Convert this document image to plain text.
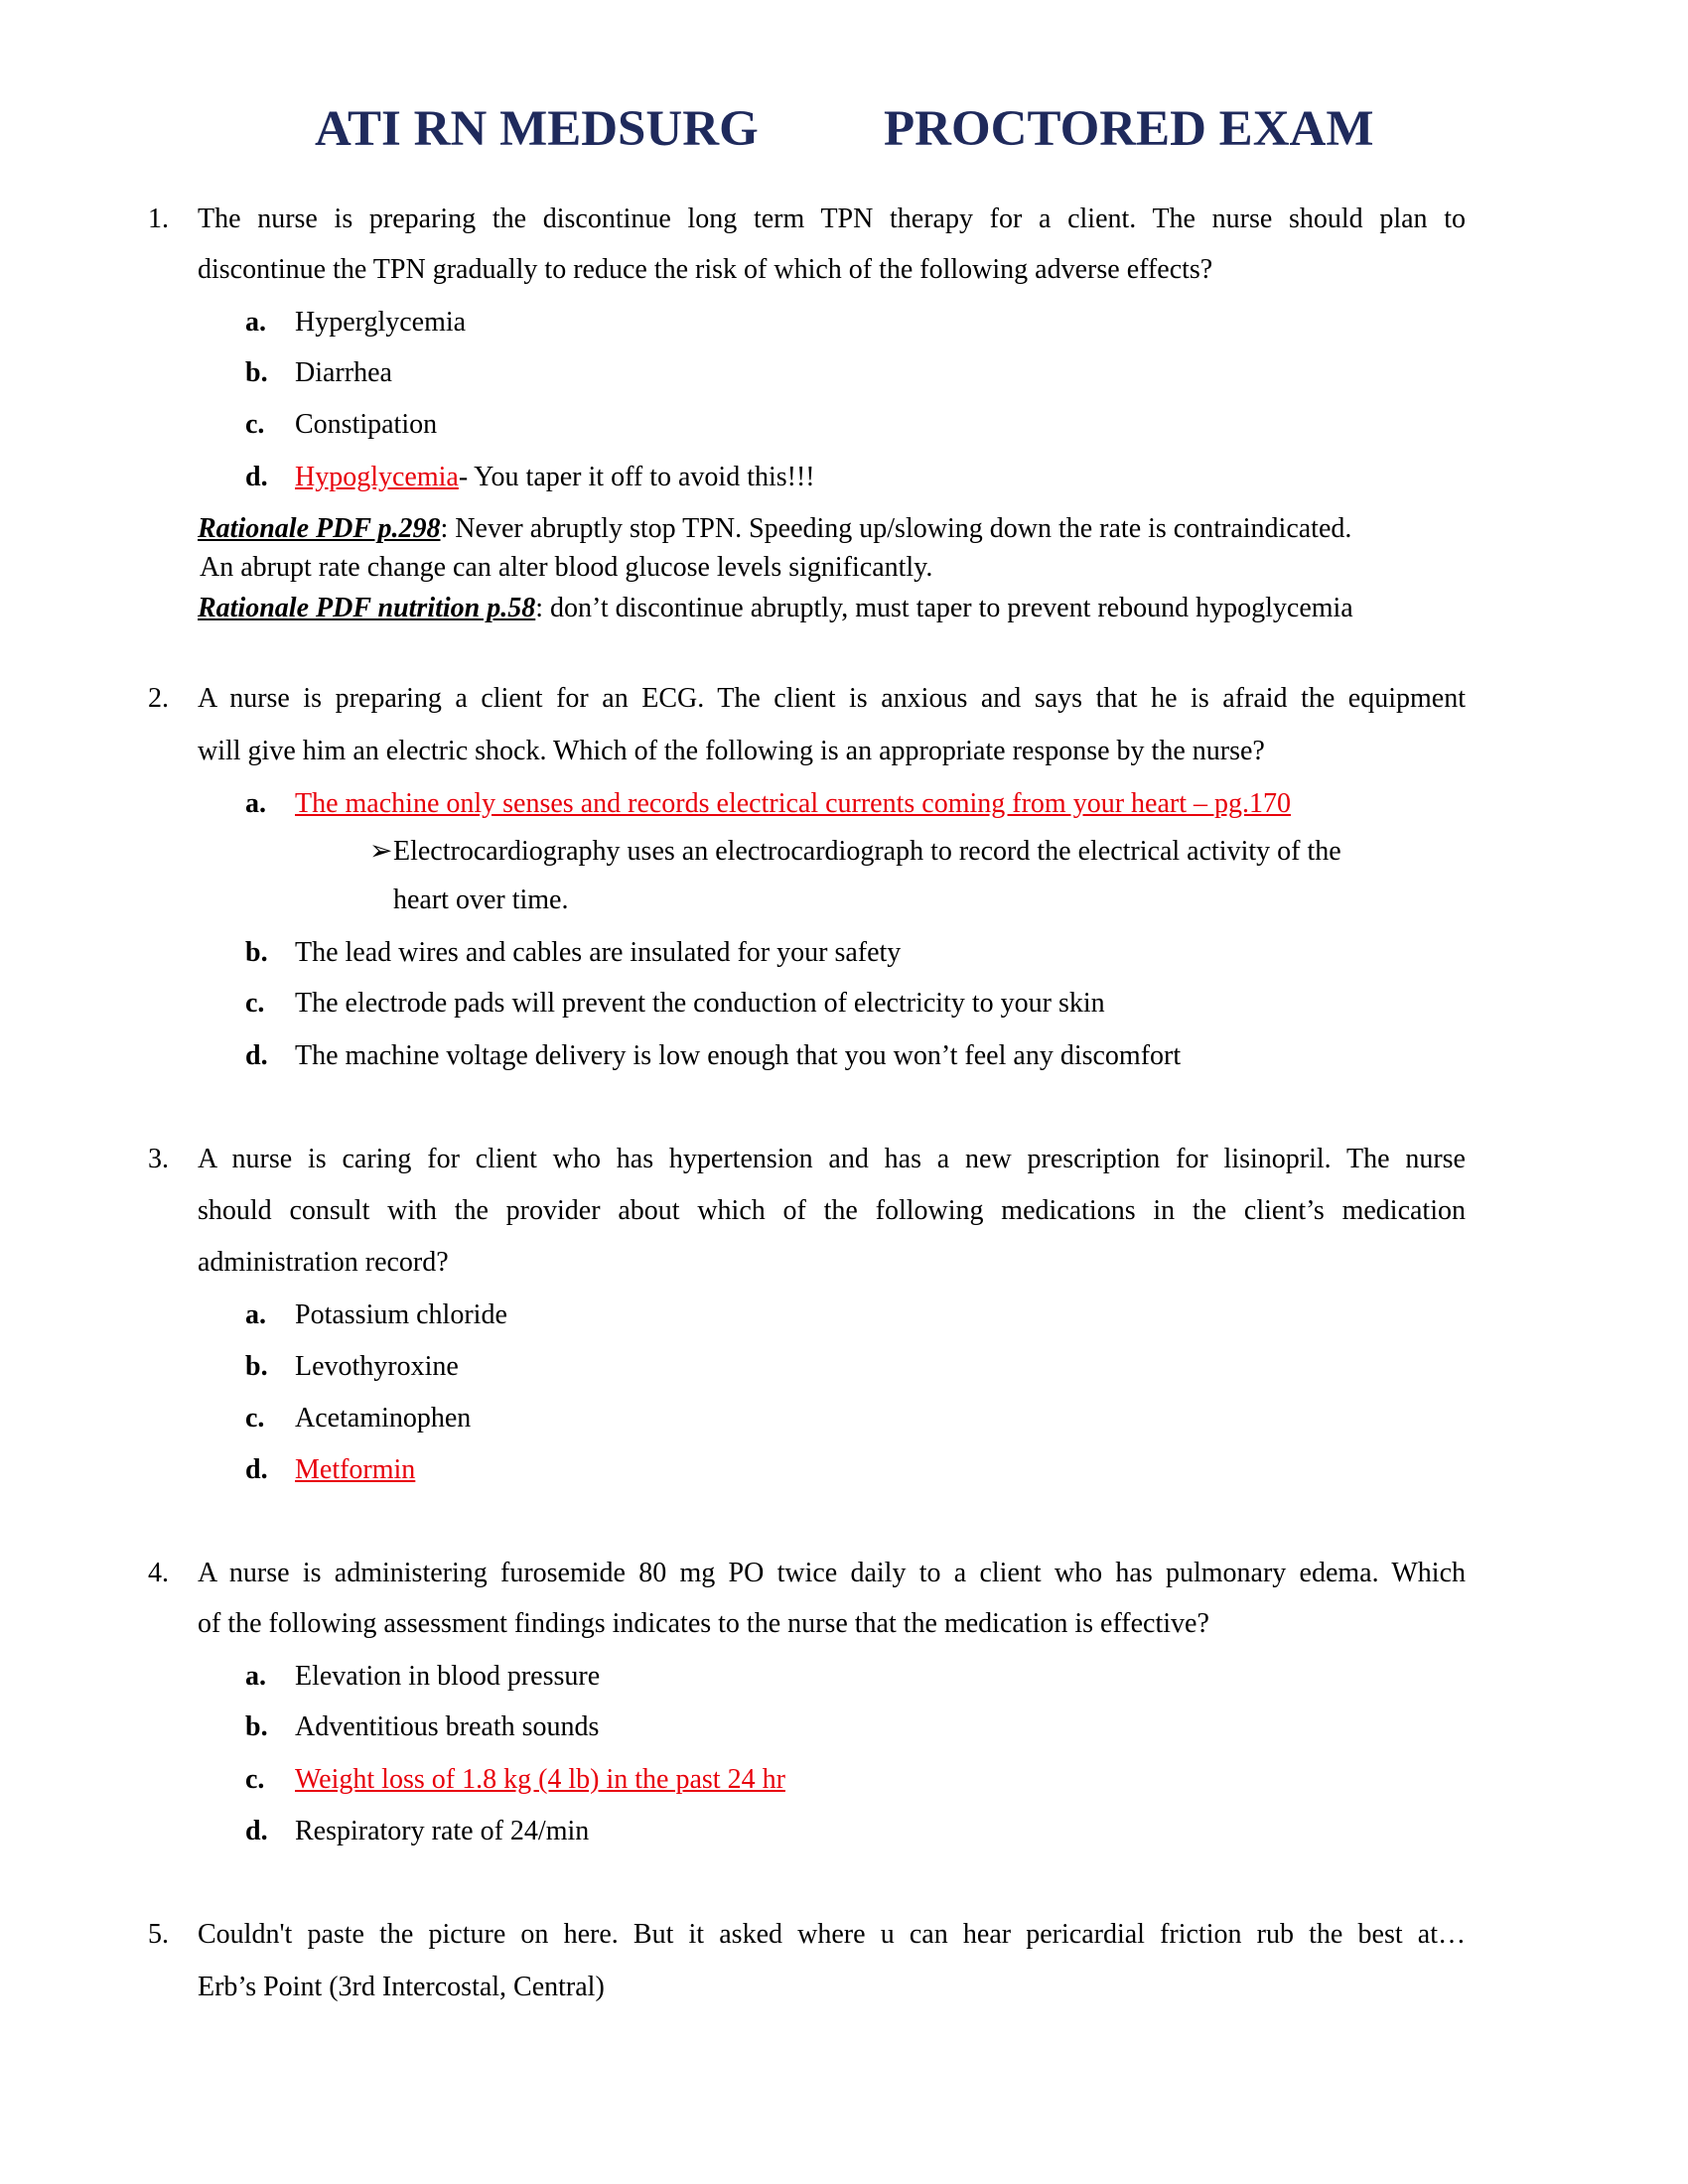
ATI RN MEDSURG PROCTORED EXAM
1. The nurse is preparing the discontinue long term TPN therapy for a client. The nurse should plan to
discontinue the TPN gradually to reduce the risk of which of the following adverse effects?
a. Hyperglycemia
b. Diarrhea
c. Constipation
d. Hypoglycemia- You taper it off to avoid this!!!
Rationale PDF p.298: Never abruptly stop TPN. Speeding up/slowing down the rate is contraindicated.
An abrupt rate change can alter blood glucose levels significantly.
Rationale PDF nutrition p.58: don’t discontinue abruptly, must taper to prevent rebound hypoglycemia
2. A nurse is preparing a client for an ECG. The client is anxious and says that he is afraid the equipment
will give him an electric shock. Which of the following is an appropriate response by the nurse?
a. The machine only senses and records electrical currents coming from your heart – pg.170
➢ Electrocardiography uses an electrocardiograph to record the electrical activity of the
heart over time.
b. The lead wires and cables are insulated for your safety
c. The electrode pads will prevent the conduction of electricity to your skin
d. The machine voltage delivery is low enough that you won’t feel any discomfort
3. A nurse is caring for client who has hypertension and has a new prescription for lisinopril. The nurse
should consult with the provider about which of the following medications in the client’s medication
administration record?
a. Potassium chloride
b. Levothyroxine
c. Acetaminophen
d. Metformin
4. A nurse is administering furosemide 80 mg PO twice daily to a client who has pulmonary edema. Which
of the following assessment findings indicates to the nurse that the medication is effective?
a. Elevation in blood pressure
b. Adventitious breath sounds
c. Weight loss of 1.8 kg (4 lb) in the past 24 hr
d. Respiratory rate of 24/min
5. Couldn't paste the picture on here. But it asked where u can hear pericardial friction rub the best at…
Erb’s Point (3rd Intercostal, Central)
